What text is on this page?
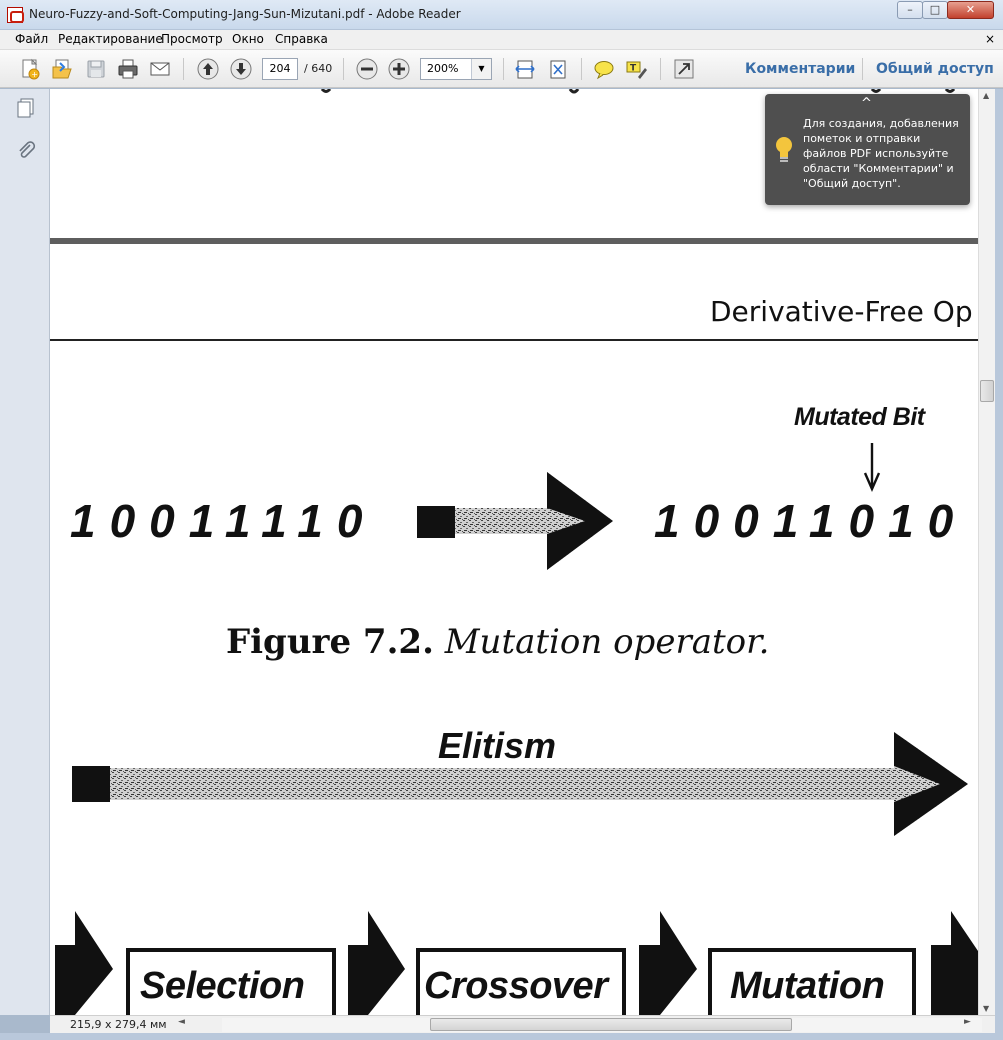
Neuro-Fuzzy-and-Soft-Computing-Jang-Sun-Mizutani.pdf - Adobe Reader	–	□	✕
Файл Редактирование
Просмотр Окно Справка	×
+	204	/ 640	200%	▼	T	Комментарии Общий доступ
Derivative-Free Op
10011110	10011010
Mutated Bit
Figure 7.2. Mutation operator.
Elitism
Selection	Crossover	Mutation
▲
▼
215,9 x 279,4 мм ◄	►
^
Для создания, добавления пометок и отправки файлов PDF используйте области "Комментарии" и "Общий доступ".
